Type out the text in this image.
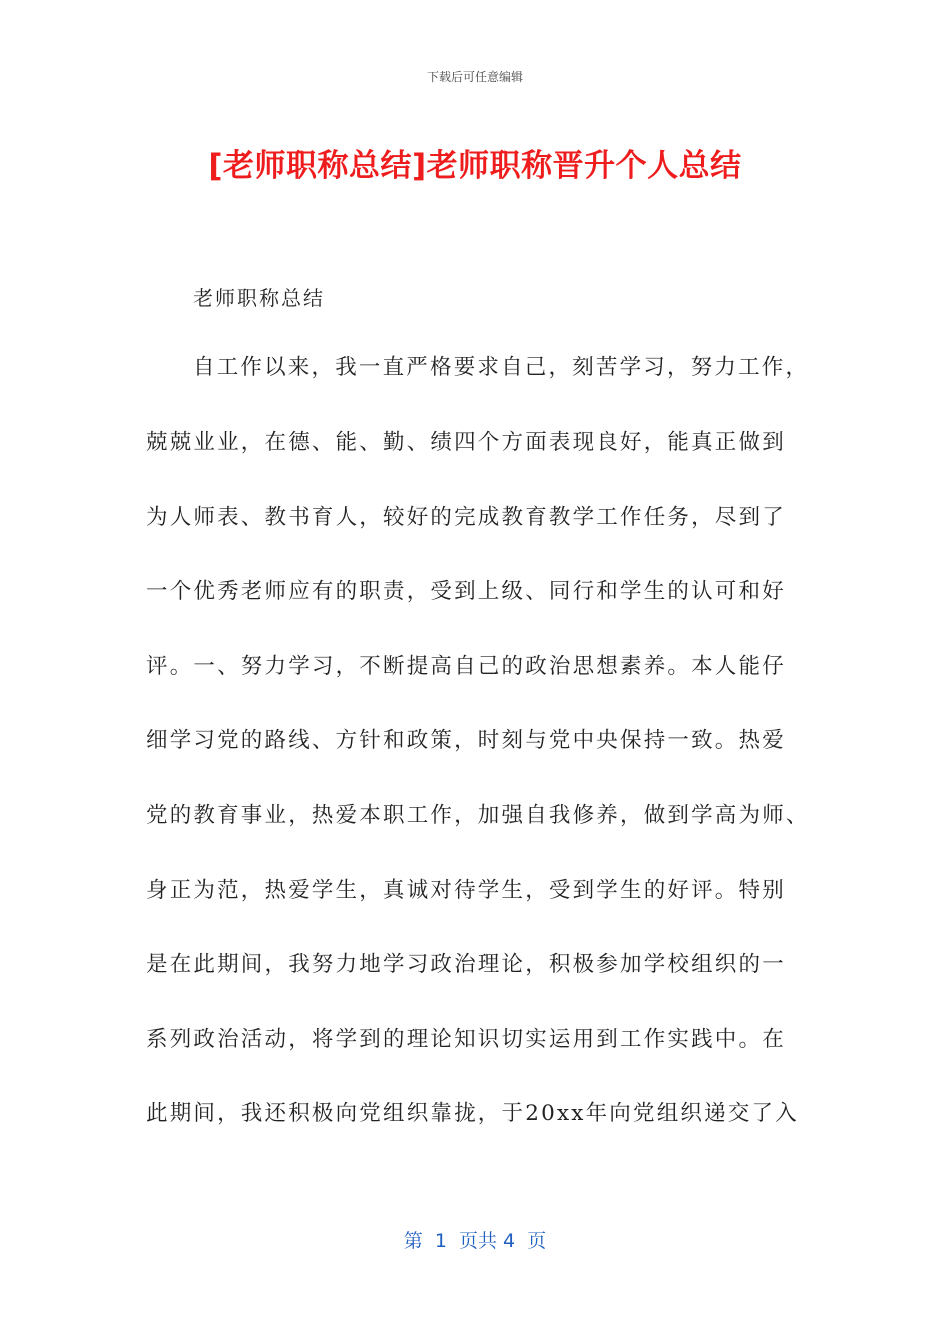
下载后可任意编辑
[老师职称总结]老师职称晋升个人总结
老师职称总结
自工作以来，我一直严格要求自己，刻苦学习，努力工作，
兢兢业业，在德、能、勤、绩四个方面表现良好，能真正做到
为人师表、教书育人，较好的完成教育教学工作任务，尽到了
一个优秀老师应有的职责，受到上级、同行和学生的认可和好
评。一、努力学习，不断提高自己的政治思想素养。本人能仔
细学习党的路线、方针和政策，时刻与党中央保持一致。热爱
党的教育事业，热爱本职工作，加强自我修养，做到学高为师、
身正为范，热爱学生，真诚对待学生，受到学生的好评。特别
是在此期间，我努力地学习政治理论，积极参加学校组织的一
系列政治活动，将学到的理论知识切实运用到工作实践中。在
此期间，我还积极向党组织靠拢，于20xx年向党组织递交了入
第  1  页共 4  页
